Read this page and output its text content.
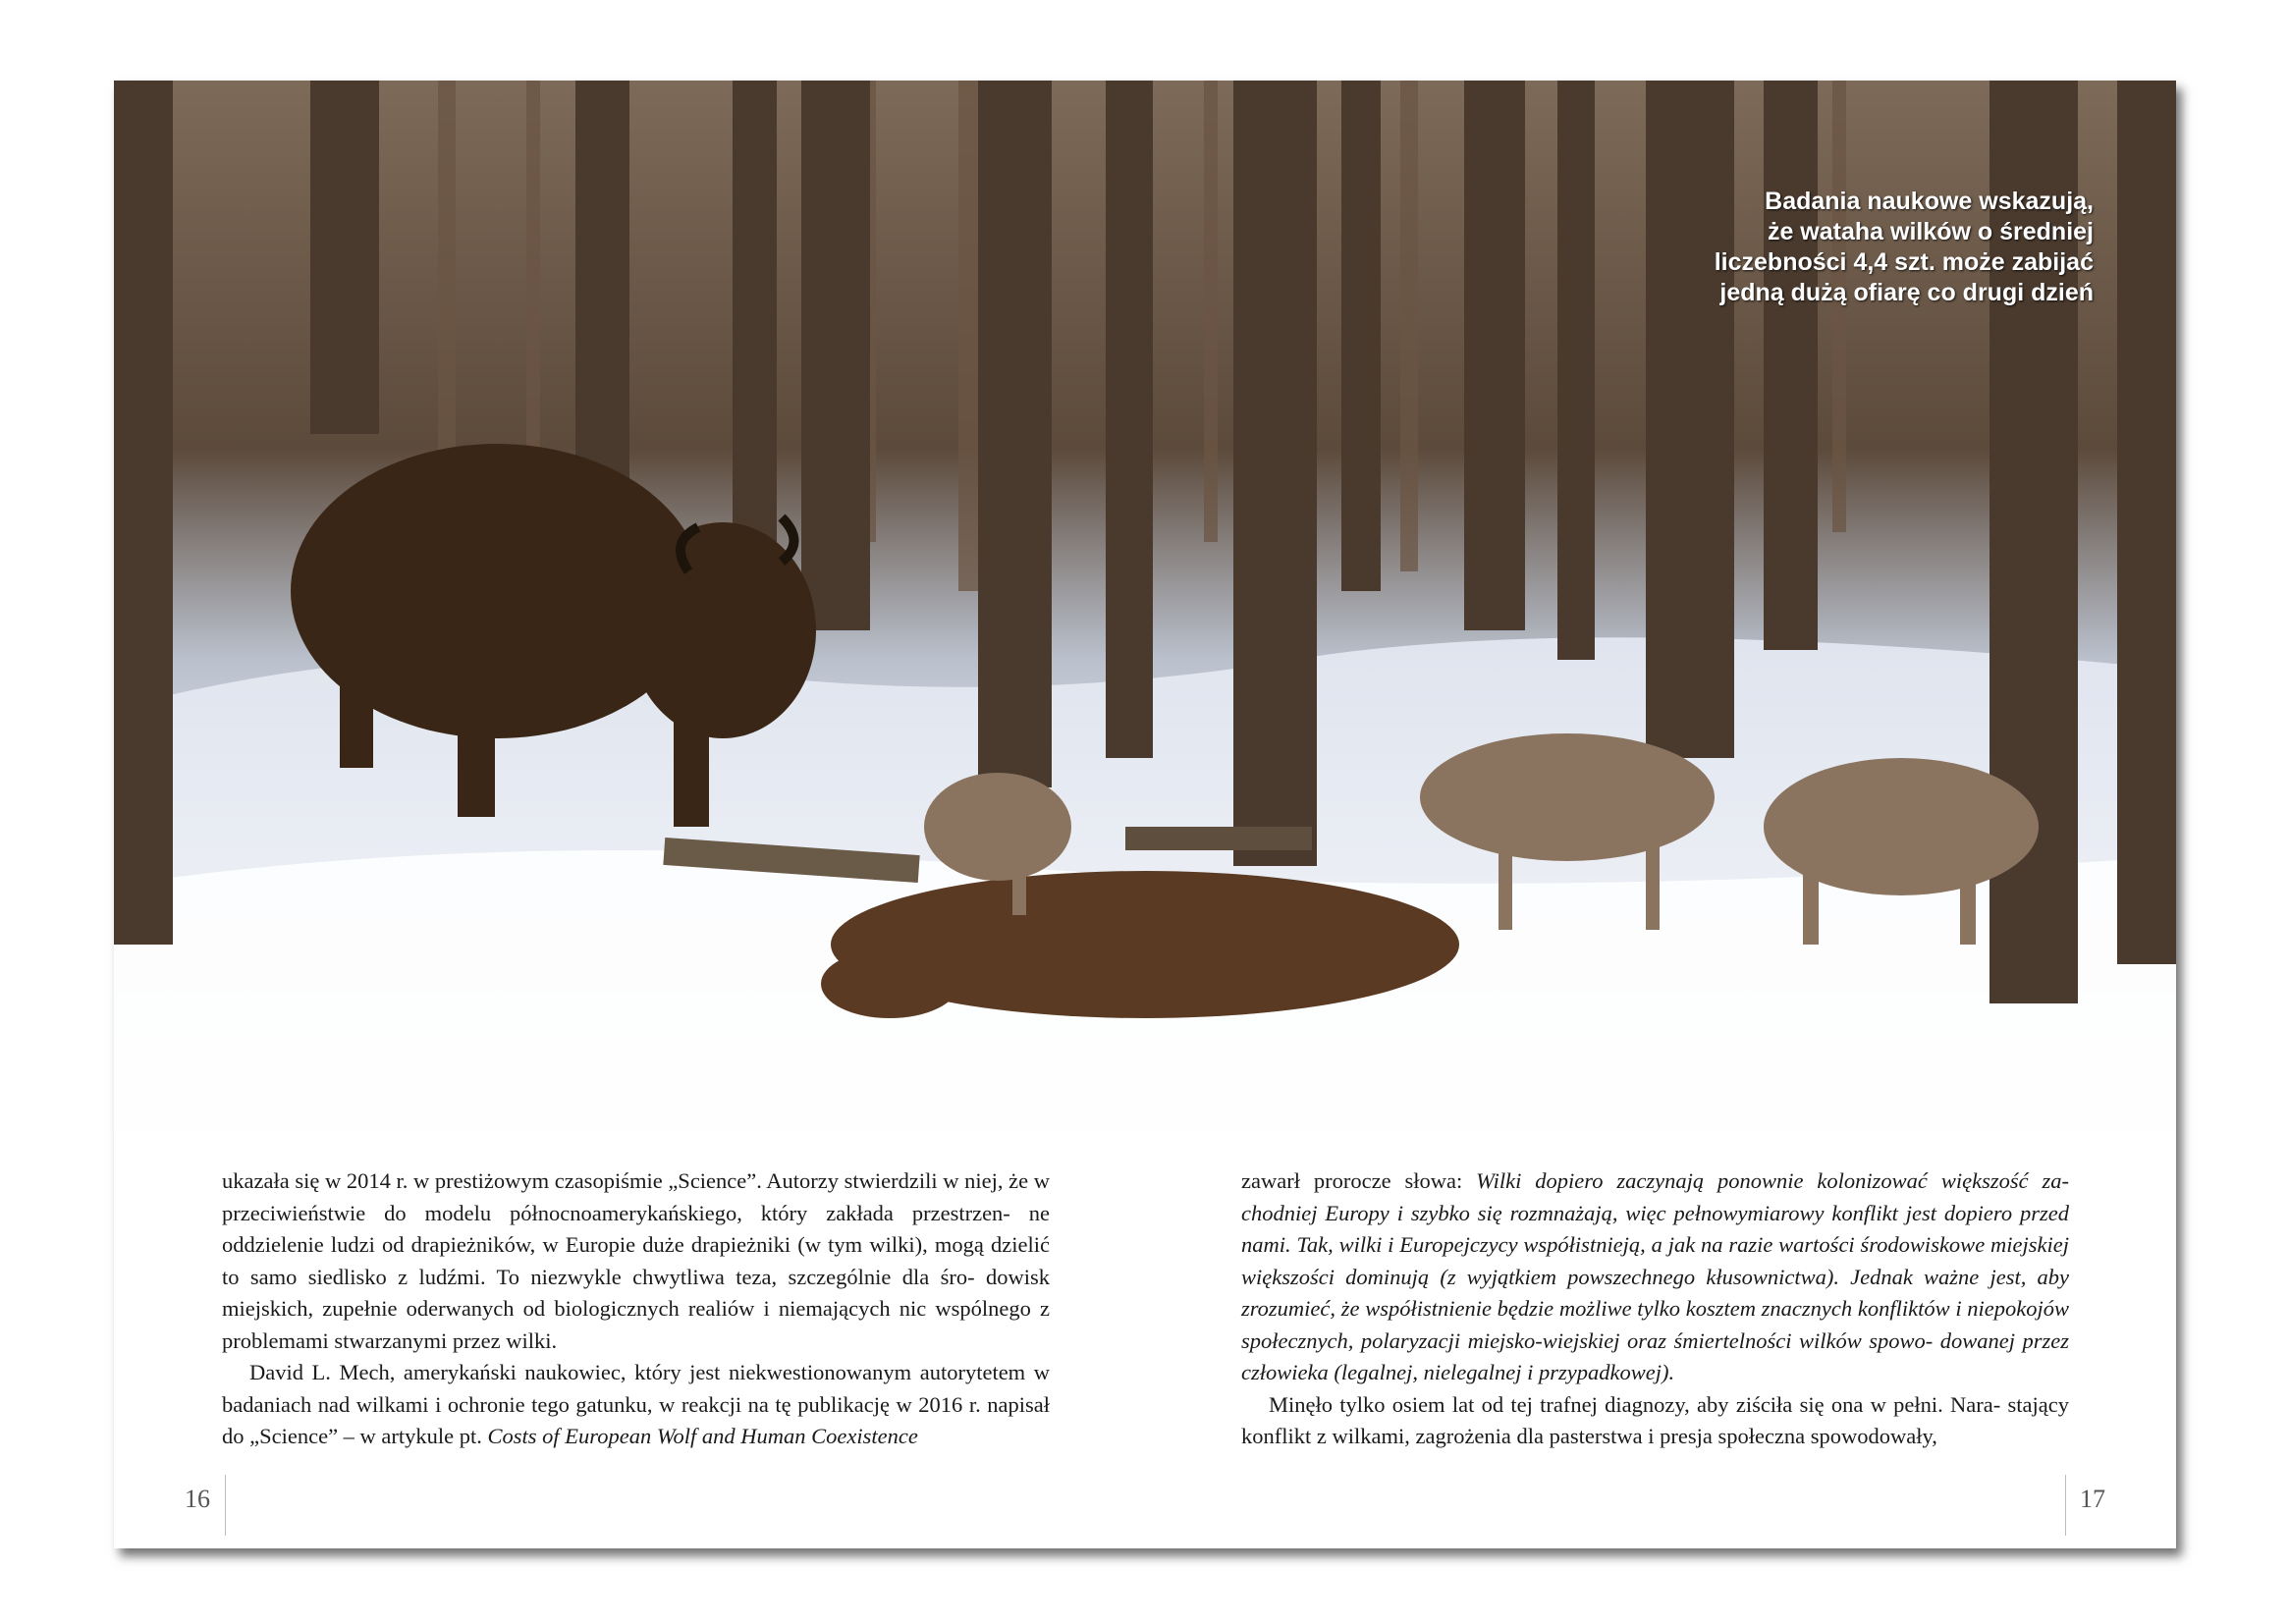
Badania naukowe wskazują,
że wataha wilków o średniej
liczebności 4,4 szt. może zabijać
jedną dużą ofiarę co drugi dzień
© adventure/Adobe Stock

ukazała się w 2014 r. w prestiżowym czasopiśmie „Science”. Autorzy stwierdzili w niej, że w przeciwieństwie do modelu północnoamerykańskiego, który zakłada przestrzen- ne oddzielenie ludzi od drapieżników, w Europie duże drapieżniki (w tym wilki), mogą dzielić to samo siedlisko z ludźmi. To niezwykle chwytliwa teza, szczególnie dla śro- dowisk miejskich, zupełnie oderwanych od biologicznych realiów i niemających nic wspólnego z problemami stwarzanymi przez wilki.

David L. Mech, amerykański naukowiec, który jest niekwestionowanym autorytetem w badaniach nad wilkami i ochronie tego gatunku, w reakcji na tę publikację w 2016 r. napisał do „Science” – w artykule pt. Costs of European Wolf and Human Coexistence

zawarł prorocze słowa: Wilki dopiero zaczynają ponownie kolonizować większość za- chodniej Europy i szybko się rozmnażają, więc pełnowymiarowy konflikt jest dopiero przed nami. Tak, wilki i Europejczycy współistnieją, a jak na razie wartości środowiskowe miejskiej większości dominują (z wyjątkiem powszechnego kłusownictwa). Jednak ważne jest, aby zrozumieć, że współistnienie będzie możliwe tylko kosztem znacznych konfliktów i niepokojów społecznych, polaryzacji miejsko-wiejskiej oraz śmiertelności wilków spowo- dowanej przez człowieka (legalnej, nielegalnej i przypadkowej).

Minęło tylko osiem lat od tej trafnej diagnozy, aby ziściła się ona w pełni. Nara- stający konflikt z wilkami, zagrożenia dla pasterstwa i presja społeczna spowodowały,

16	17
